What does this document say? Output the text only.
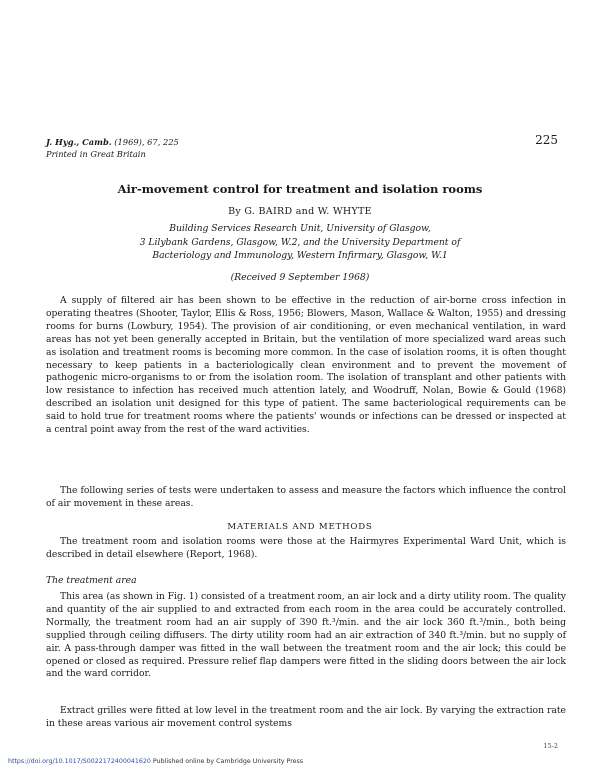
J. Hyg., Camb. (1969), 67, 225
Printed in Great Britain
225
Air-movement control for treatment and isolation rooms
By G. BAIRD and W. WHYTE
Building Services Research Unit, University of Glasgow,
3 Lilybank Gardens, Glasgow, W.2, and the University Department of
Bacteriology and Immunology, Western Infirmary, Glasgow, W.1
(Received 9 September 1968)

A supply of filtered air has been shown to be effective in the reduction of air-borne cross infection in operating theatres (Shooter, Taylor, Ellis & Ross, 1956; Blowers, Mason, Wallace & Walton, 1955) and dressing rooms for burns (Lowbury, 1954). The provision of air conditioning, or even mechanical ventilation, in ward areas has not yet been generally accepted in Britain, but the ventilation of more specialized ward areas such as isolation and treatment rooms is becoming more common. In the case of isolation rooms, it is often thought necessary to keep patients in a bacteriologically clean environment and to prevent the movement of pathogenic micro-organisms to or from the isolation room. The isolation of transplant and other patients with low resistance to infection has received much attention lately, and Woodruff, Nolan, Bowie & Gould (1968) described an isolation unit designed for this type of patient. The same bacteriological requirements can be said to hold true for treatment rooms where the patients' wounds or infections can be dressed or inspected at a central point away from the rest of the ward activities.

The following series of tests were undertaken to assess and measure the factors which influence the control of air movement in these areas.

MATERIALS AND METHODS

The treatment room and isolation rooms were those at the Hairmyres Experimental Ward Unit, which is described in detail elsewhere (Report, 1968).

The treatment area

This area (as shown in Fig. 1) consisted of a treatment room, an air lock and a dirty utility room. The quality and quantity of the air supplied to and extracted from each room in the area could be accurately controlled. Normally, the treatment room had an air supply of 390 ft.³/min. and the air lock 360 ft.³/min., both being supplied through ceiling diffusers. The dirty utility room had an air extraction of 340 ft.³/min. but no supply of air. A pass-through damper was fitted in the wall between the treatment room and the air lock; this could be opened or closed as required. Pressure relief flap dampers were fitted in the sliding doors between the air lock and the ward corridor.

Extract grilles were fitted at low level in the treatment room and the air lock. By varying the extraction rate in these areas various air movement control systems

15-2
https://doi.org/10.1017/S0022172400041620 Published online by Cambridge University Press
